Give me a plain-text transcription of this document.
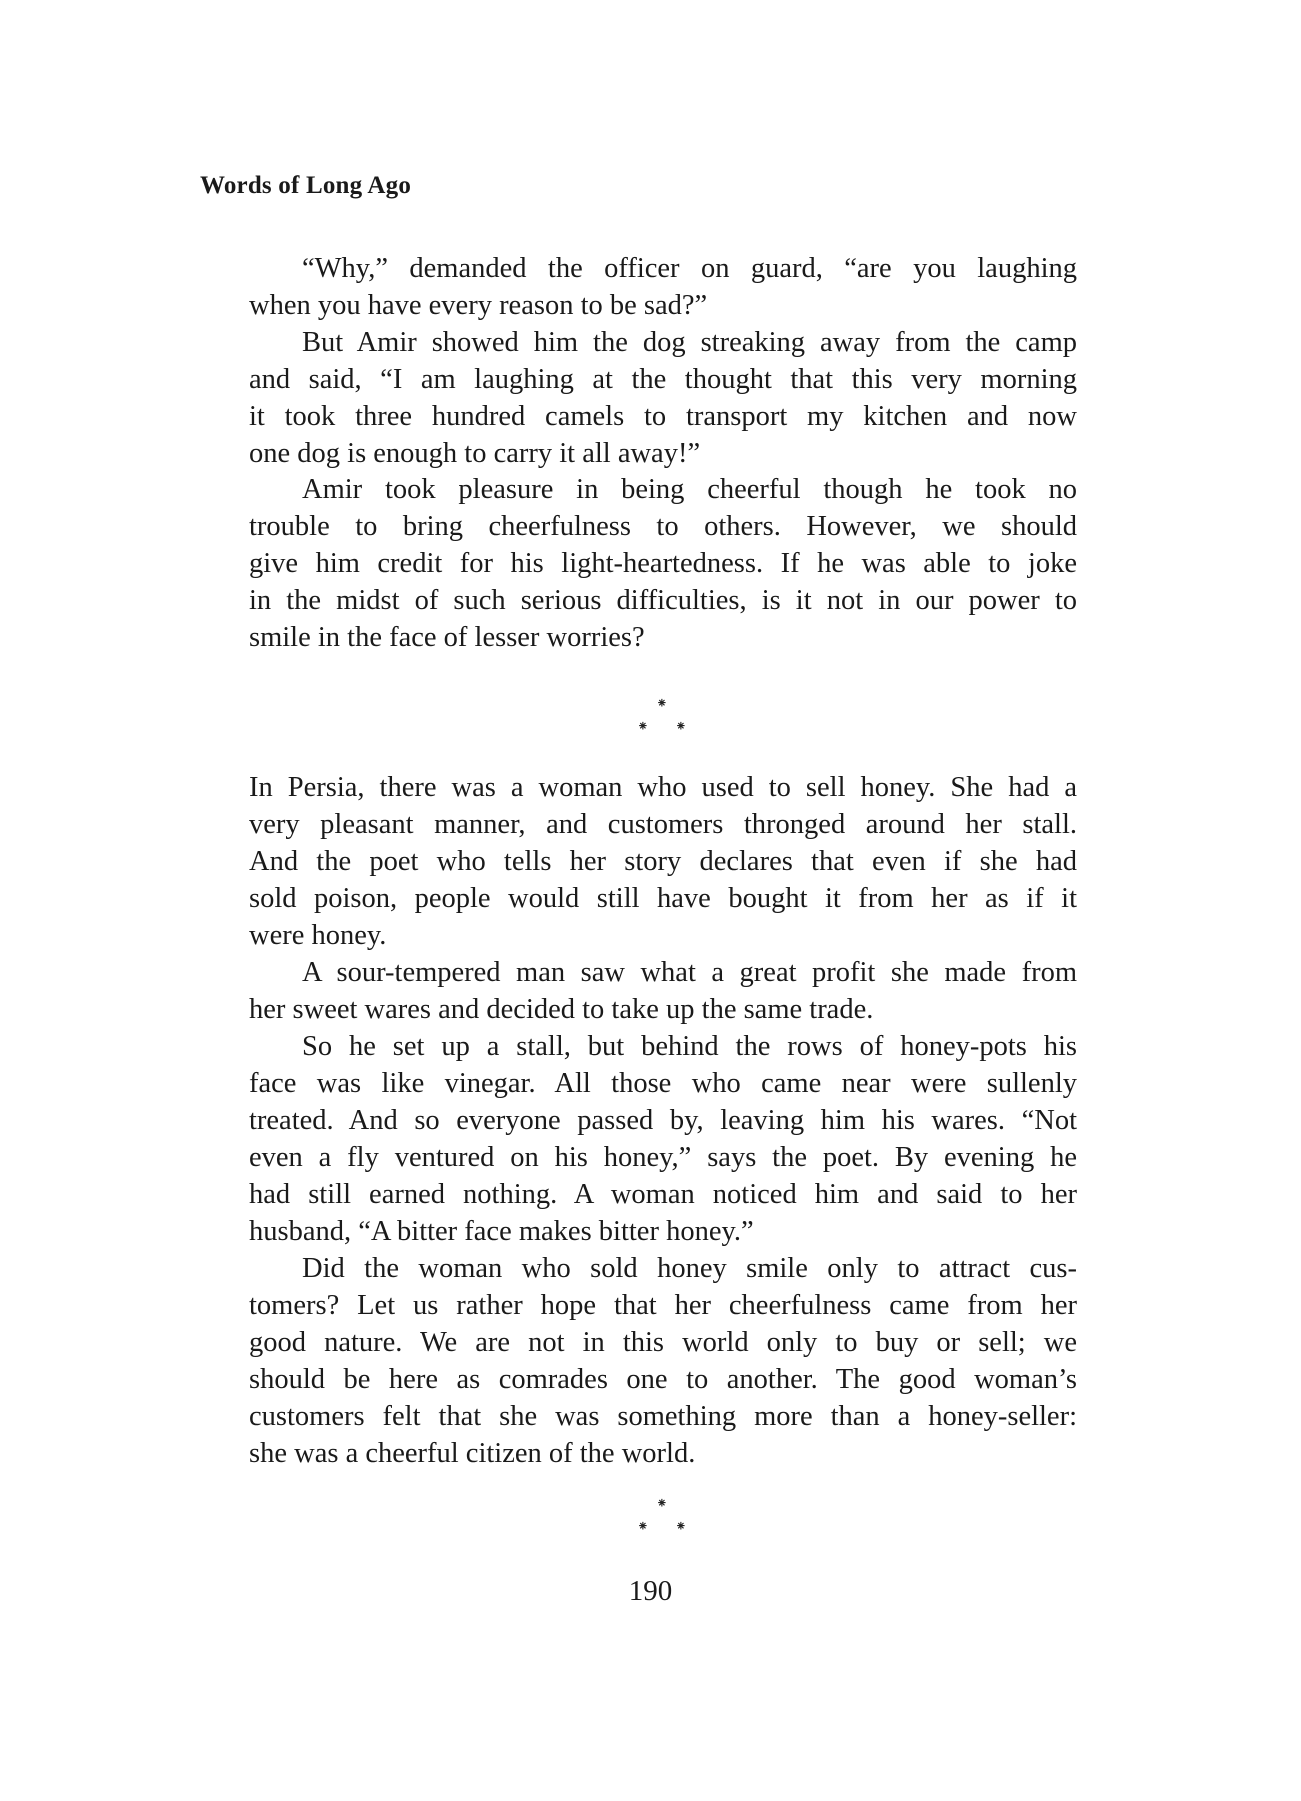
Words of Long Ago
“Why,” demanded the officer on guard, “are you laughing
when you have every reason to be sad?”
But Amir showed him the dog streaking away from the camp
and said, “I am laughing at the thought that this very morning
it took three hundred camels to transport my kitchen and now
one dog is enough to carry it all away!”
Amir took pleasure in being cheerful though he took no
trouble to bring cheerfulness to others. However, we should
give him credit for his light-heartedness. If he was able to joke
in the midst of such serious difficulties, is it not in our power to
smile in the face of lesser worries?
⁕
⁕ ⁕
In Persia, there was a woman who used to sell honey. She had a
very pleasant manner, and customers thronged around her stall.
And the poet who tells her story declares that even if she had
sold poison, people would still have bought it from her as if it
were honey.
A sour-tempered man saw what a great profit she made from
her sweet wares and decided to take up the same trade.
So he set up a stall, but behind the rows of honey-pots his
face was like vinegar. All those who came near were sullenly
treated. And so everyone passed by, leaving him his wares. “Not
even a fly ventured on his honey,” says the poet. By evening he
had still earned nothing. A woman noticed him and said to her
husband, “A bitter face makes bitter honey.”
Did the woman who sold honey smile only to attract cus-
tomers? Let us rather hope that her cheerfulness came from her
good nature. We are not in this world only to buy or sell; we
should be here as comrades one to another. The good woman’s
customers felt that she was something more than a honey-seller:
she was a cheerful citizen of the world.
⁕
⁕ ⁕
190
